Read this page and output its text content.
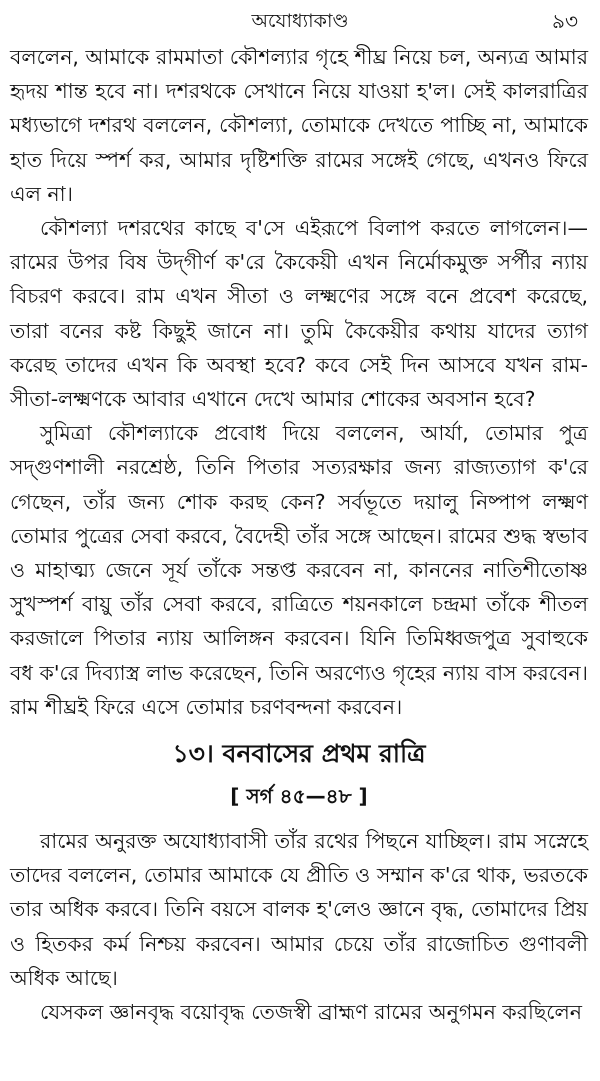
অযোধ্যাকাণ্ড	৯৩

বললেন, আমাকে রামমাতা কৌশল্যার গৃহে শীঘ্র নিয়ে চল, অন্যত্র আমার হৃদয় শান্ত হবে না। দশরথকে সেখানে নিয়ে যাওয়া হ'ল। সেই কালরাত্রির মধ্যভাগে দশরথ বললেন, কৌশল্যা, তোমাকে দেখতে পাচ্ছি না, আমাকে হাত দিয়ে স্পর্শ কর, আমার দৃষ্টিশক্তি রামের সঙ্গেই গেছে, এখনও ফিরে এল না।

কৌশল্যা দশরথের কাছে ব'সে এইরূপে বিলাপ করতে লাগলেন।— রামের উপর বিষ উদ্‌গীর্ণ ক'রে কৈকেয়ী এখন নির্মোকমুক্ত সর্পীর ন্যায় বিচরণ করবে। রাম এখন সীতা ও লক্ষ্মণের সঙ্গে বনে প্রবেশ করেছে, তারা বনের কষ্ট কিছুই জানে না। তুমি কৈকেয়ীর কথায় যাদের ত্যাগ করেছ তাদের এখন কি অবস্থা হবে? কবে সেই দিন আসবে যখন রাম-সীতা-লক্ষ্মণকে আবার এখানে দেখে আমার শোকের অবসান হবে?

সুমিত্রা কৌশল্যাকে প্রবোধ দিয়ে বললেন, আর্যা, তোমার পুত্র সদ্‌গুণশালী নরশ্রেষ্ঠ, তিনি পিতার সত্যরক্ষার জন্য রাজ্যত্যাগ ক'রে গেছেন, তাঁর জন্য শোক করছ কেন? সর্বভূতে দয়ালু নিষ্পাপ লক্ষ্মণ তোমার পুত্রের সেবা করবে, বৈদেহী তাঁর সঙ্গে আছেন। রামের শুদ্ধ স্বভাব ও মাহাত্ম্য জেনে সূর্য তাঁকে সন্তপ্ত করবেন না, কাননের নাতিশীতোষ্ণ সুখস্পর্শ বায়ু তাঁর সেবা করবে, রাত্রিতে শয়নকালে চন্দ্রমা তাঁকে শীতল করজালে পিতার ন্যায় আলিঙ্গন করবেন। যিনি তিমিধ্বজপুত্র সুবাহুকে বধ ক'রে দিব্যাস্ত্র লাভ করেছেন, তিনি অরণ্যেও গৃহের ন্যায় বাস করবেন। রাম শীঘ্রই ফিরে এসে তোমার চরণবন্দনা করবেন।

১৩। বনবাসের প্রথম রাত্রি
[ সর্গ ৪৫—৪৮ ]

রামের অনুরক্ত অযোধ্যাবাসী তাঁর রথের পিছনে যাচ্ছিল। রাম সস্নেহে তাদের বললেন, তোমার আমাকে যে প্রীতি ও সম্মান ক'রে থাক, ভরতকে তার অধিক করবে। তিনি বয়সে বালক হ'লেও জ্ঞানে বৃদ্ধ, তোমাদের প্রিয় ও হিতকর কর্ম নিশ্চয় করবেন। আমার চেয়ে তাঁর রাজোচিত গুণাবলী অধিক আছে।

যেসকল জ্ঞানবৃদ্ধ বয়োবৃদ্ধ তেজস্বী ব্রাহ্মণ রামের অনুগমন করছিলেন
